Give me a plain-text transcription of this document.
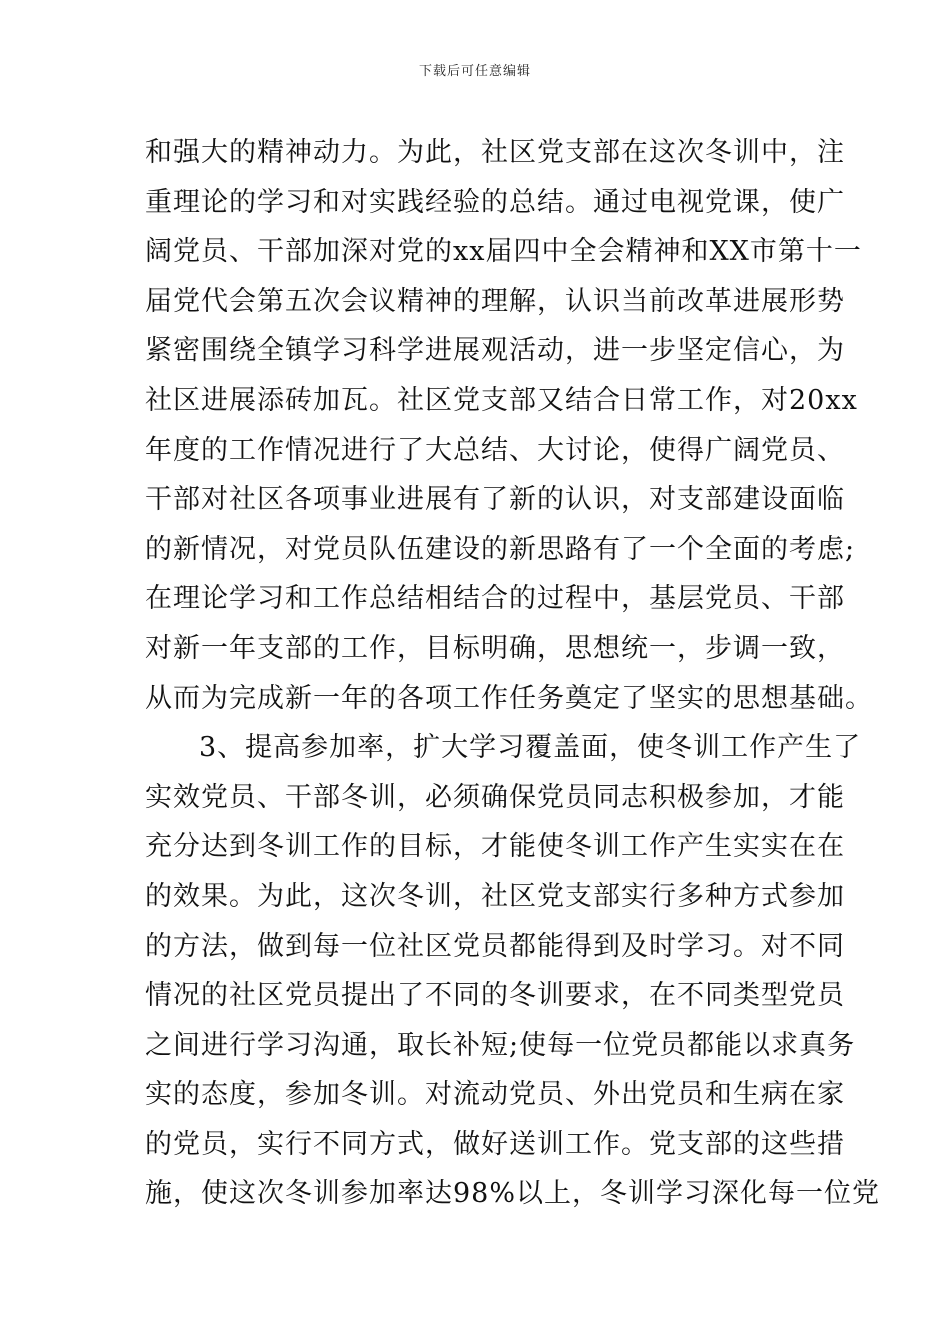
下载后可任意编辑
和强大的精神动力。为此，社区党支部在这次冬训中，注
重理论的学习和对实践经验的总结。通过电视党课，使广
阔党员、干部加深对党的xx届四中全会精神和XX市第十一
届党代会第五次会议精神的理解，认识当前改革进展形势
紧密围绕全镇学习科学进展观活动，进一步坚定信心，为
社区进展添砖加瓦。社区党支部又结合日常工作，对20xx
年度的工作情况进行了大总结、大讨论，使得广阔党员、
干部对社区各项事业进展有了新的认识，对支部建设面临
的新情况，对党员队伍建设的新思路有了一个全面的考虑;
在理论学习和工作总结相结合的过程中，基层党员、干部
对新一年支部的工作，目标明确，思想统一，步调一致，
从而为完成新一年的各项工作任务奠定了坚实的思想基础。
3、提高参加率，扩大学习覆盖面，使冬训工作产生了
实效党员、干部冬训，必须确保党员同志积极参加，才能
充分达到冬训工作的目标，才能使冬训工作产生实实在在
的效果。为此，这次冬训，社区党支部实行多种方式参加
的方法，做到每一位社区党员都能得到及时学习。对不同
情况的社区党员提出了不同的冬训要求，在不同类型党员
之间进行学习沟通，取长补短;使每一位党员都能以求真务
实的态度，参加冬训。对流动党员、外出党员和生病在家
的党员，实行不同方式，做好送训工作。党支部的这些措
施，使这次冬训参加率达98%以上，冬训学习深化每一位党
